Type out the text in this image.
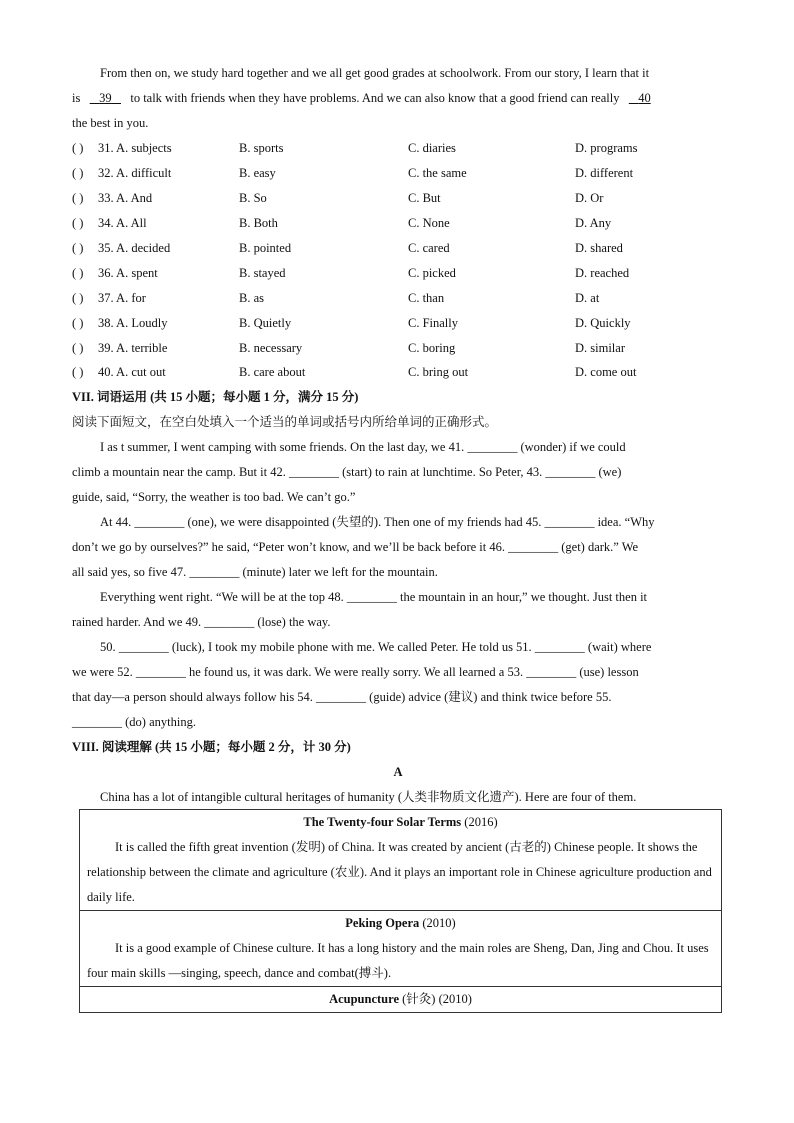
From then on, we study hard together and we all get good grades at schoolwork. From our story, I learn that it
is 39 to talk with friends when they have problems. And we can also know that a good friend can really 40
the best in you.
( ) 31. A. subjects	B. sports	C. diaries	D. programs
( ) 32. A. difficult	B. easy	C. the same	D. different
( ) 33. A. And	B. So	C. But	D. Or
( ) 34. A. All	B. Both	C. None	D. Any
( ) 35. A. decided	B. pointed	C. cared	D. shared
( ) 36. A. spent	B. stayed	C. picked	D. reached
( ) 37. A. for	B. as	C. than	D. at
( ) 38. A. Loudly	B. Quietly	C. Finally	D. Quickly
( ) 39. A. terrible	B. necessary	C. boring	D. similar
( ) 40. A. cut out	B. care about	C. bring out	D. come out
VII. 词语运用 (共 15 小题；每小题 1 分，满分 15 分)
阅读下面短文，在空白处填入一个适当的单词或括号内所给单词的正确形式。
I as t summer, I went camping with some friends. On the last day, we 41. ________ (wonder) if we could
climb a mountain near the camp. But it 42. ________ (start) to rain at lunchtime. So Peter, 43. ________ (we)
guide, said, “Sorry, the weather is too bad. We can’t go.”
At 44. ________ (one), we were disappointed (失望的). Then one of my friends had 45. ________ idea. “Why
don’t we go by ourselves?” he said, “Peter won’t know, and we’ll be back before it 46. ________ (get) dark.” We
all said yes, so five 47. ________ (minute) later we left for the mountain.
Everything went right. “We will be at the top 48. ________ the mountain in an hour,” we thought. Just then it
rained harder. And we 49. ________ (lose) the way.
50. ________ (luck), I took my mobile phone with me. We called Peter. He told us 51. ________ (wait) where
we were 52. ________ he found us, it was dark. We were really sorry. We all learned a 53. ________ (use) lesson
that day—a person should always follow his 54. ________ (guide) advice (建议) and think twice before 55.
________ (do) anything.
VIII. 阅读理解 (共 15 小题；每小题 2 分，计 30 分)
A
China has a lot of intangible cultural heritages of humanity (人类非物质文化遗产). Here are four of them.
The Twenty-four Solar Terms (2016)
It is called the fifth great invention (发明) of China. It was created by ancient (古老的) Chinese people. It shows the relationship between the climate and agriculture (农业). And it plays an important role in Chinese agriculture production and daily life.

Peking Opera (2010)
It is a good example of Chinese culture. It has a long history and the main roles are Sheng, Dan, Jing and Chou. It uses four main skills —singing, speech, dance and combat(搏斗).

Acupuncture (针灸) (2010)
